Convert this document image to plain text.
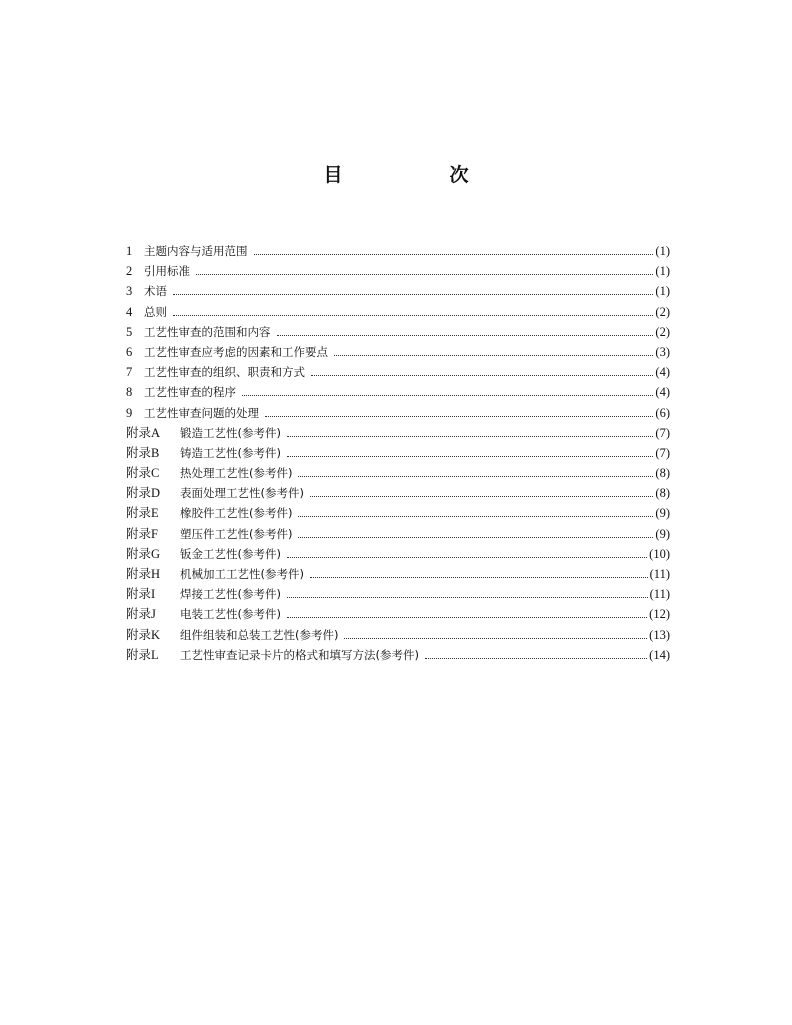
目　次
1	主题内容与适用范围	(1)
2	引用标准	(1)
3	术语	(1)
4	总则	(2)
5	工艺性审查的范围和内容	(2)
6	工艺性审查应考虑的因素和工作要点	(3)
7	工艺性审查的组织、职责和方式	(4)
8	工艺性审查的程序	(4)
9	工艺性审查问题的处理	(6)
附录A	锻造工艺性(参考件)	(7)
附录B	铸造工艺性(参考件)	(7)
附录C	热处理工艺性(参考件)	(8)
附录D	表面处理工艺性(参考件)	(8)
附录E	橡胶件工艺性(参考件)	(9)
附录F	塑压件工艺性(参考件)	(9)
附录G	钣金工艺性(参考件)	(10)
附录H	机械加工工艺性(参考件)	(11)
附录I	焊接工艺性(参考件)	(11)
附录J	电装工艺性(参考件)	(12)
附录K	组件组装和总装工艺性(参考件)	(13)
附录L	工艺性审查记录卡片的格式和填写方法(参考件)	(14)
